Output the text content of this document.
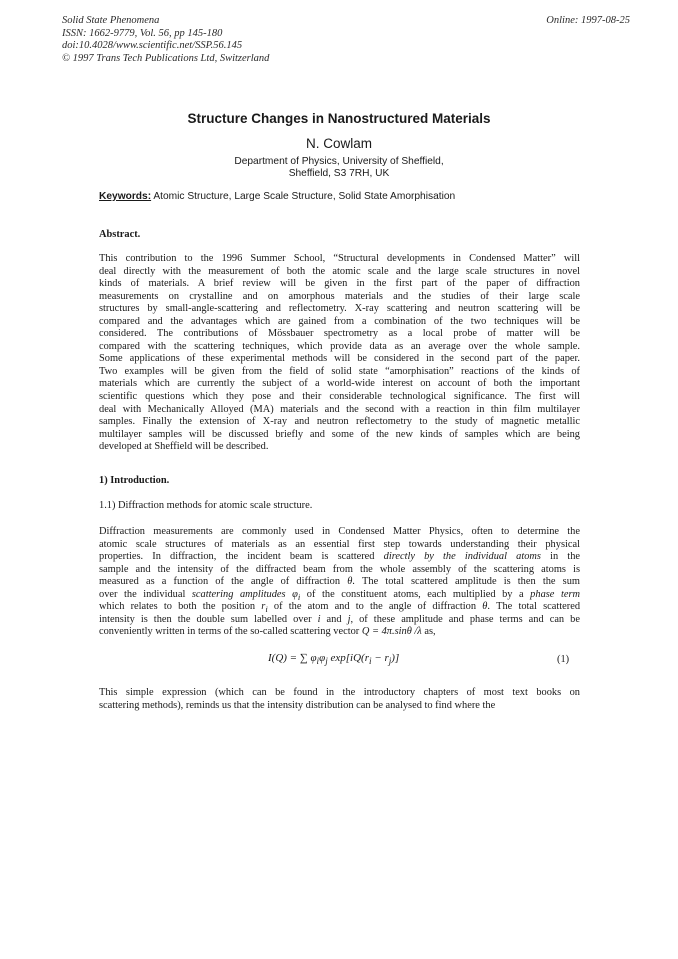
Solid State Phenomena
ISSN: 1662-9779, Vol. 56, pp 145-180
doi:10.4028/www.scientific.net/SSP.56.145
© 1997 Trans Tech Publications Ltd, Switzerland
Online: 1997-08-25
Structure Changes in Nanostructured Materials
N. Cowlam
Department of Physics, University of Sheffield,
Sheffield, S3 7RH, UK
Keywords: Atomic Structure, Large Scale Structure, Solid State Amorphisation
Abstract.
This contribution to the 1996 Summer School, “Structural developments in Condensed Matter” will
deal directly with the measurement of both the atomic scale and the large scale structures in novel
kinds of materials. A brief review will be given in the first part of the paper of diffraction
measurements on crystalline and on amorphous materials and the studies of their large scale
structures by small-angle-scattering and reflectometry. X-ray scattering and neutron scattering will be
compared and the advantages which are gained from a combination of the two techniques will be
considered. The contributions of Mössbauer spectrometry as a local probe of matter will be
compared with the scattering techniques, which provide data as an average over the whole sample.
Some applications of these experimental methods will be considered in the second part of the paper.
Two examples will be given from the field of solid state “amorphisation” reactions of the kinds of
materials which are currently the subject of a world-wide interest on account of both the important
scientific questions which they pose and their considerable technological significance. The first will
deal with Mechanically Alloyed (MA) materials and the second with a reaction in thin film multilayer
samples. Finally the extension of X-ray and neutron reflectometry to the study of magnetic metallic
multilayer samples will be discussed briefly and some of the new kinds of samples which are being
developed at Sheffield will be described.
1) Introduction.
1.1) Diffraction methods for atomic scale structure.
Diffraction measurements are commonly used in Condensed Matter Physics, often to determine the
atomic scale structures of materials as an essential first step towards understanding their physical
properties. In diffraction, the incident beam is scattered directly by the individual atoms in the
sample and the intensity of the diffracted beam from the whole assembly of the scattering atoms is
measured as a function of the angle of diffraction θ. The total scattered amplitude is then the sum
over the individual scattering amplitudes $\varphi_i$ of the constituent atoms, each multiplied by a phase term
which relates to both the position $r_i$ of the atom and to the angle of diffraction θ. The total scattered
intensity is then the double sum labelled over i and j, of these amplitude and phase terms and can be
conveniently written in terms of the so-called scattering vector Q = 4π.sinθ /λ as,
I(Q) = ∑ $\varphi_i\varphi_j$ $\exp[iQ(r_i - r_j)]$	(1)
This simple expression (which can be found in the introductory chapters of most text books on
scattering methods), reminds us that the intensity distribution can be analysed to find where the
